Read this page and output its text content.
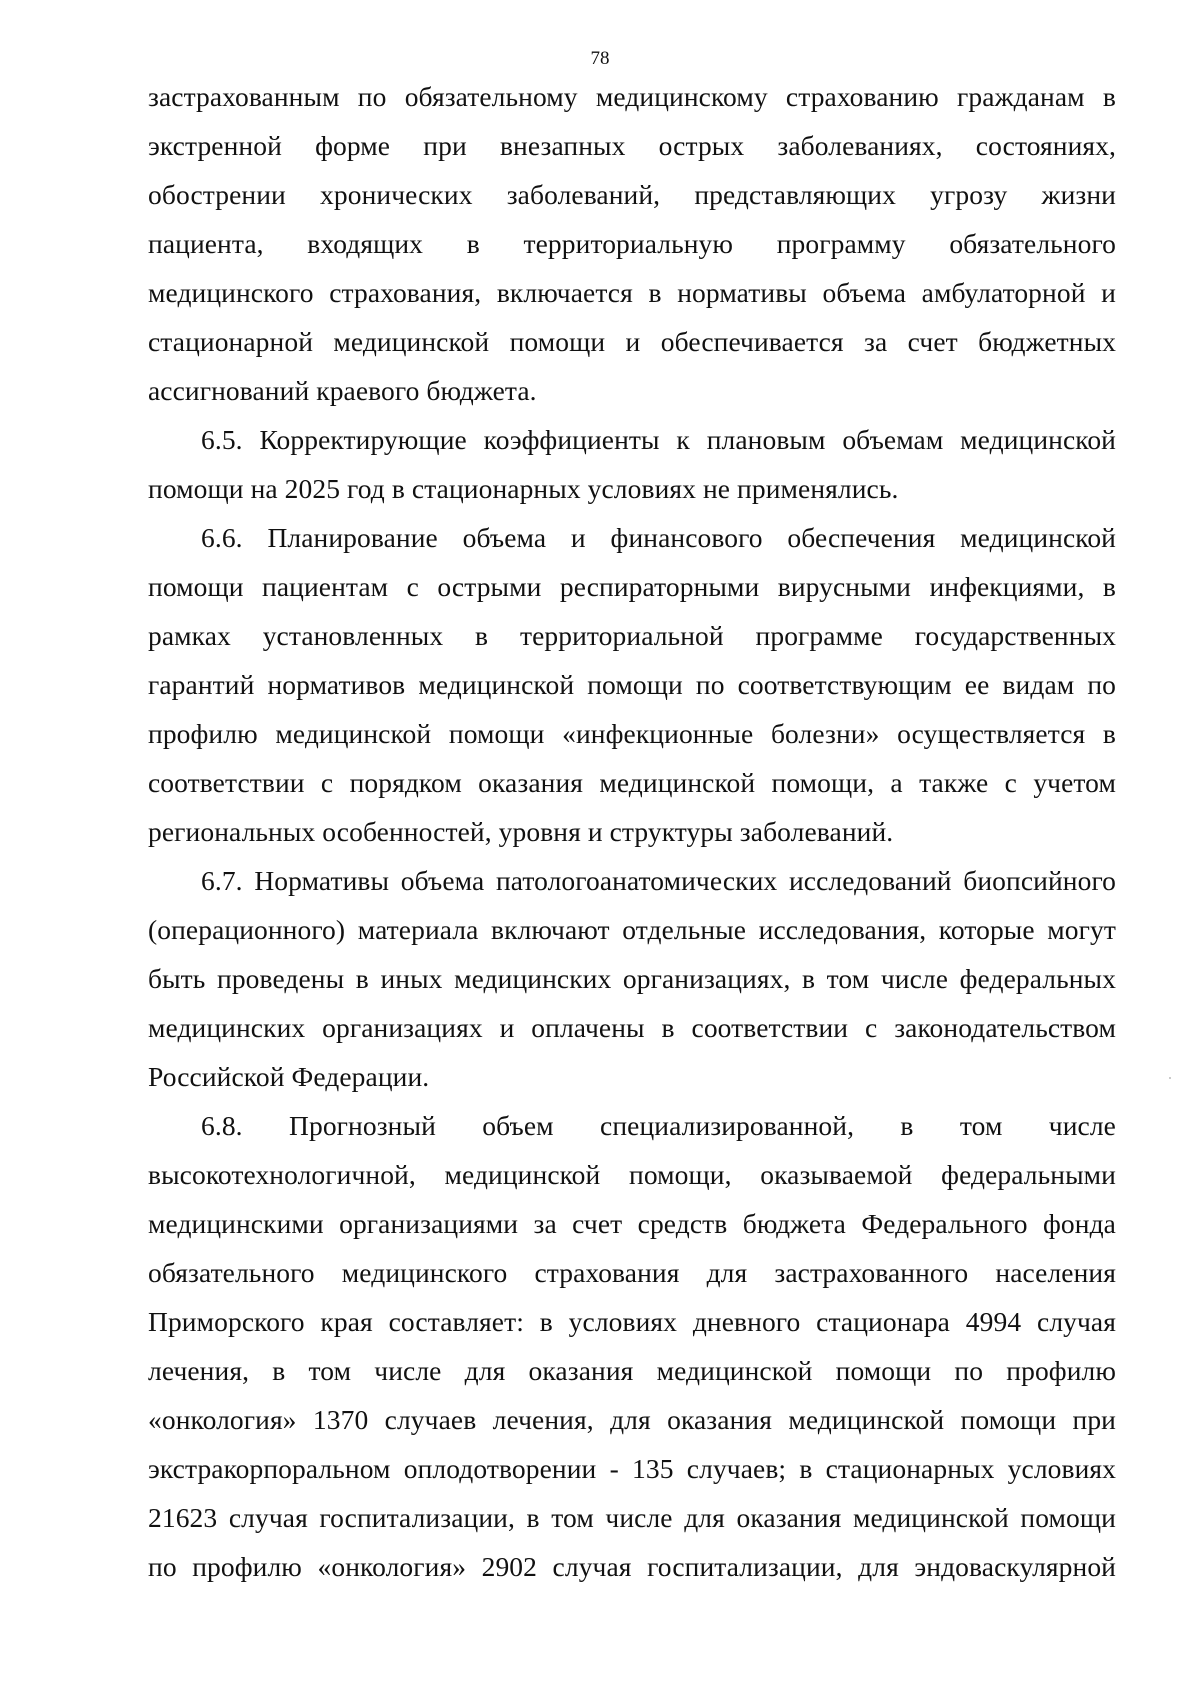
78
застрахованным по обязательному медицинскому страхованию гражданам в
экстренной форме при внезапных острых заболеваниях, состояниях,
обострении хронических заболеваний, представляющих угрозу жизни
пациента, входящих в территориальную программу обязательного
медицинского страхования, включается в нормативы объема амбулаторной и
стационарной медицинской помощи и обеспечивается за счет бюджетных
ассигнований краевого бюджета.
6.5. Корректирующие коэффициенты к плановым объемам медицинской
помощи на 2025 год в стационарных условиях не применялись.
6.6. Планирование объема и финансового обеспечения медицинской
помощи пациентам с острыми респираторными вирусными инфекциями, в
рамках установленных в территориальной программе государственных
гарантий нормативов медицинской помощи по соответствующим ее видам по
профилю медицинской помощи «инфекционные болезни» осуществляется в
соответствии с порядком оказания медицинской помощи, а также с учетом
региональных особенностей, уровня и структуры заболеваний.
6.7. Нормативы объема патологоанатомических исследований биопсийного
(операционного) материала включают отдельные исследования, которые могут
быть проведены в иных медицинских организациях, в том числе федеральных
медицинских организациях и оплачены в соответствии с законодательством
Российской Федерации.
6.8. Прогнозный объем специализированной, в том числе
высокотехнологичной, медицинской помощи, оказываемой федеральными
медицинскими организациями за счет средств бюджета Федерального фонда
обязательного медицинского страхования для застрахованного населения
Приморского края составляет: в условиях дневного стационара 4994 случая
лечения, в том числе для оказания медицинской помощи по профилю
«онкология» 1370 случаев лечения, для оказания медицинской помощи при
экстракорпоральном оплодотворении - 135 случаев; в стационарных условиях
21623 случая госпитализации, в том числе для оказания медицинской помощи
по профилю «онкология» 2902 случая госпитализации, для эндоваскулярной
